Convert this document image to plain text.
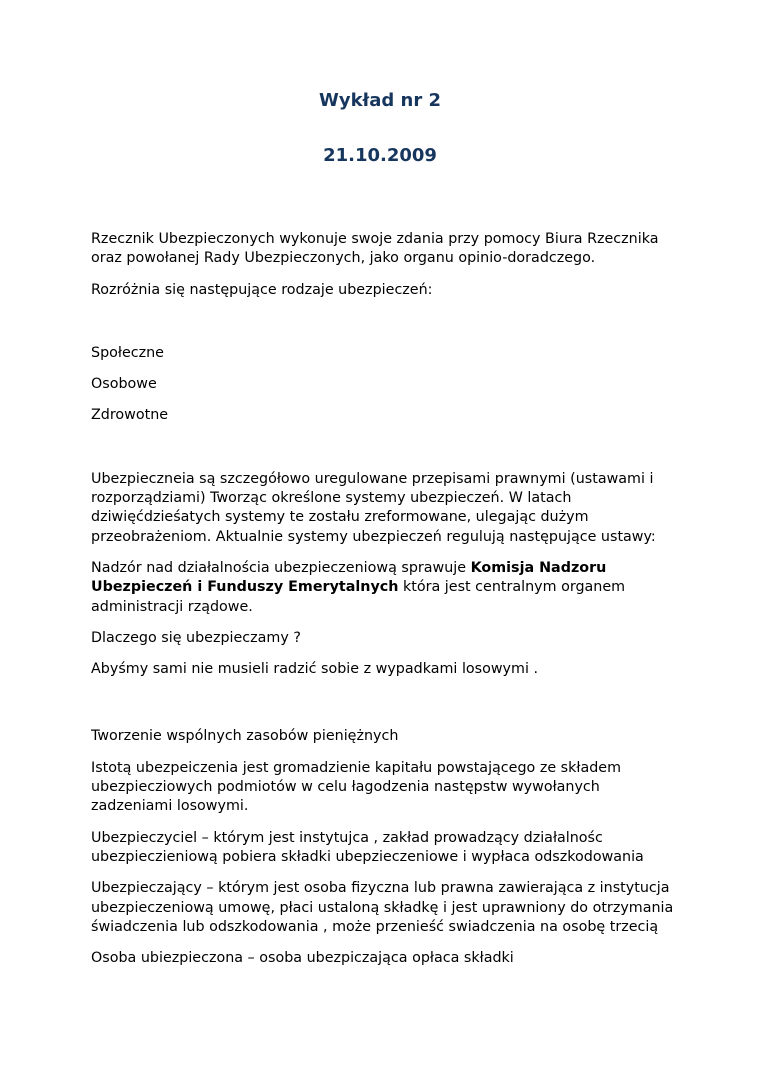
Wykład nr 2
21.10.2009

Rzecznik Ubezpieczonych wykonuje swoje zdania przy pomocy Biura Rzecznika oraz powołanej Rady Ubezpieczonych, jako organu opinio-doradczego.

Rozróżnia się następujące rodzaje ubezpieczeń:

Społeczne

Osobowe

Zdrowotne

Ubezpieczneia są szczegółowo uregulowane przepisami prawnymi (ustawami i rozporządziami) Tworząc określone systemy ubezpieczeń. W latach dziwięćdzieśatych systemy te zostału zreformowane, ulegając dużym przeobrażeniom. Aktualnie systemy ubezpieczeń regulują następujące ustawy:

Nadzór nad działalnościa ubezpieczeniową sprawuje Komisja Nadzoru Ubezpieczeń i Funduszy Emerytalnych która jest centralnym organem administracji rządowe.

Dlaczego się ubezpieczamy ?

Abyśmy sami nie musieli radzić sobie z wypadkami losowymi .

Tworzenie wspólnych zasobów pieniężnych

Istotą ubezpeiczenia jest gromadzienie kapitału powstającego ze składem ubezpiecziowych podmiotów w celu łagodzenia następstw wywołanych zadzeniami losowymi.

Ubezpieczyciel – którym jest instytujca , zakład prowadzący działalnośc ubezpieczieniową pobiera składki ubepzieczeniowe i wypłaca odszkodowania

Ubezpieczający – którym jest osoba fizyczna lub prawna zawierająca z instytucja ubezpieczeniową umowę, płaci ustaloną składkę i jest uprawniony do otrzymania świadczenia lub odszkodowania , może przenieść swiadczenia na osobę trzecią

Osoba ubiezpieczona – osoba ubezpiczająca opłaca składki
